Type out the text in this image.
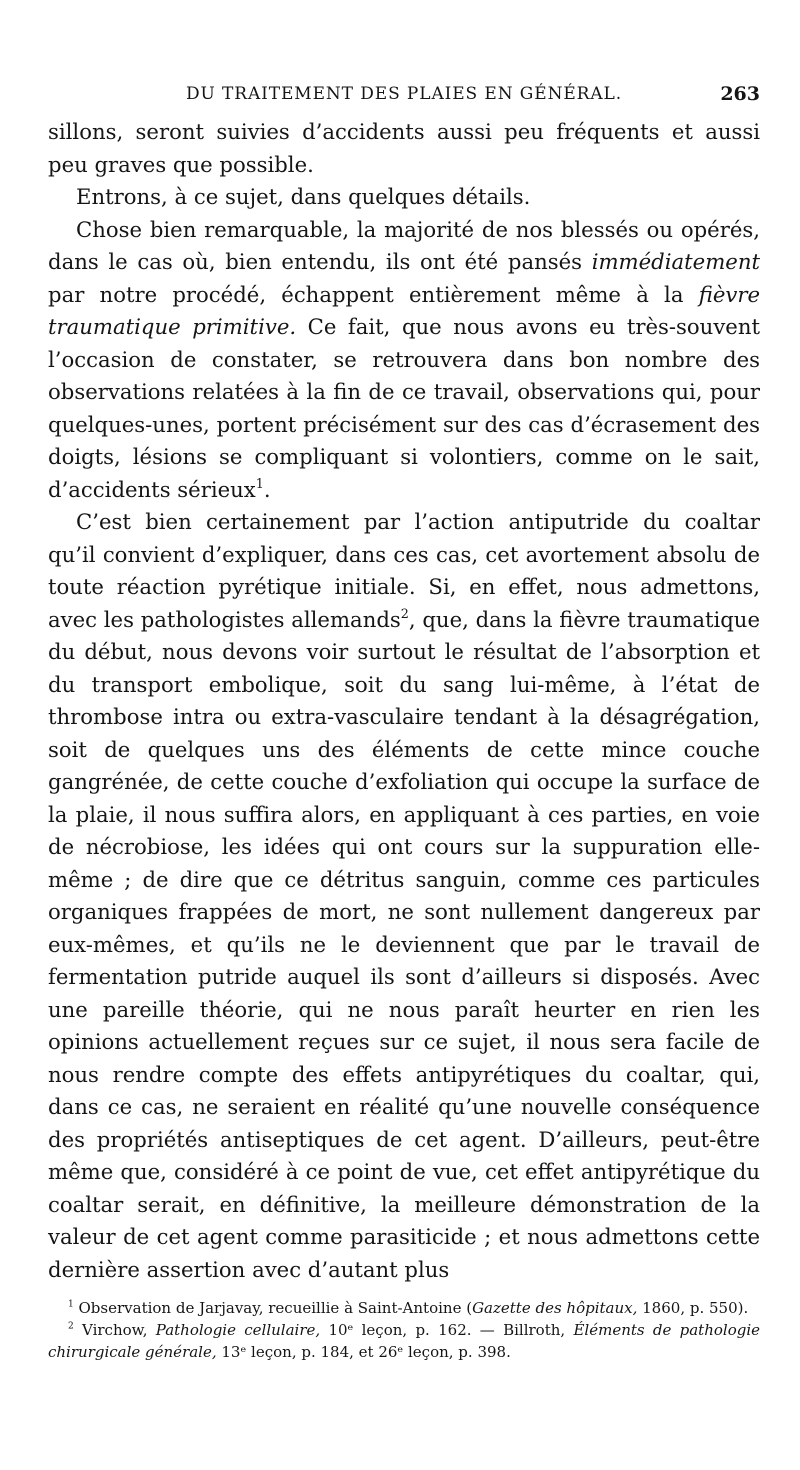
DU TRAITEMENT DES PLAIES EN GÉNÉRAL.	263

sillons, seront suivies d’accidents aussi peu fréquents et aussi peu graves que possible.

Entrons, à ce sujet, dans quelques détails.

Chose bien remarquable, la majorité de nos blessés ou opérés, dans le cas où, bien entendu, ils ont été pansés immédiatement par notre procédé, échappent entièrement même à la fièvre traumatique primitive. Ce fait, que nous avons eu très-souvent l’occasion de constater, se retrouvera dans bon nombre des observations relatées à la fin de ce travail, observations qui, pour quelques-unes, portent précisément sur des cas d’écrasement des doigts, lésions se compliquant si volontiers, comme on le sait, d’accidents sérieux$^1$.

C’est bien certainement par l’action antiputride du coaltar qu’il convient d’expliquer, dans ces cas, cet avortement absolu de toute réaction pyrétique initiale. Si, en effet, nous admettons, avec les pathologistes allemands$^2$, que, dans la fièvre traumatique du début, nous devons voir surtout le résultat de l’absorption et du transport embolique, soit du sang lui-même, à l’état de thrombose intra ou extra-vasculaire tendant à la désagrégation, soit de quelques uns des éléments de cette mince couche gangrénée, de cette couche d’exfoliation qui occupe la surface de la plaie, il nous suffira alors, en appliquant à ces parties, en voie de nécrobiose, les idées qui ont cours sur la suppuration elle-même ; de dire que ce détritus sanguin, comme ces particules organiques frappées de mort, ne sont nullement dangereux par eux-mêmes, et qu’ils ne le deviennent que par le travail de fermentation putride auquel ils sont d’ailleurs si disposés. Avec une pareille théorie, qui ne nous paraît heurter en rien les opinions actuellement reçues sur ce sujet, il nous sera facile de nous rendre compte des effets antipyrétiques du coaltar, qui, dans ce cas, ne seraient en réalité qu’une nouvelle conséquence des propriétés antiseptiques de cet agent. D’ailleurs, peut-être même que, considéré à ce point de vue, cet effet antipyrétique du coaltar serait, en définitive, la meilleure démonstration de la valeur de cet agent comme parasiticide ; et nous admettons cette dernière assertion avec d’autant plus

$^1$ Observation de Jarjavay, recueillie à Saint-Antoine (Gazette des hôpitaux, 1860, p. 550).

$^2$ Virchow, Pathologie cellulaire, 10ᵉ leçon, p. 162. — Billroth, Éléments de pathologie chirurgicale générale, 13ᵉ leçon, p. 184, et 26ᵉ leçon, p. 398.
